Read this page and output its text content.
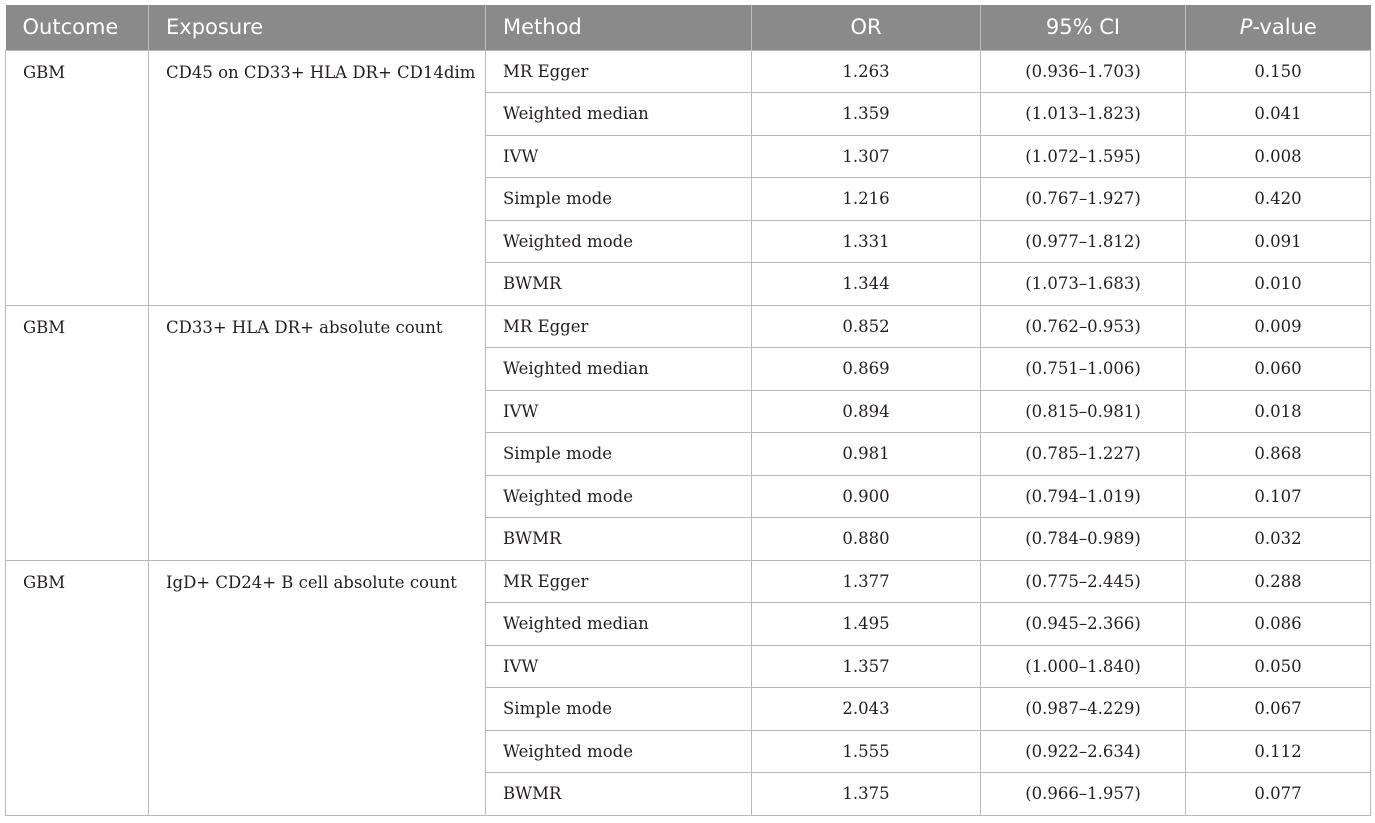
Outcome	Exposure	Method	OR	95% CI	P-value
GBM	CD45 on CD33+ HLA DR+ CD14dim	MR Egger	1.263	(0.936–1.703)	0.150
		Weighted median	1.359	(1.013–1.823)	0.041
		IVW	1.307	(1.072–1.595)	0.008
		Simple mode	1.216	(0.767–1.927)	0.420
		Weighted mode	1.331	(0.977–1.812)	0.091
		BWMR	1.344	(1.073–1.683)	0.010
GBM	CD33+ HLA DR+ absolute count	MR Egger	0.852	(0.762–0.953)	0.009
		Weighted median	0.869	(0.751–1.006)	0.060
		IVW	0.894	(0.815–0.981)	0.018
		Simple mode	0.981	(0.785–1.227)	0.868
		Weighted mode	0.900	(0.794–1.019)	0.107
		BWMR	0.880	(0.784–0.989)	0.032
GBM	IgD+ CD24+ B cell absolute count	MR Egger	1.377	(0.775–2.445)	0.288
		Weighted median	1.495	(0.945–2.366)	0.086
		IVW	1.357	(1.000–1.840)	0.050
		Simple mode	2.043	(0.987–4.229)	0.067
		Weighted mode	1.555	(0.922–2.634)	0.112
		BWMR	1.375	(0.966–1.957)	0.077
